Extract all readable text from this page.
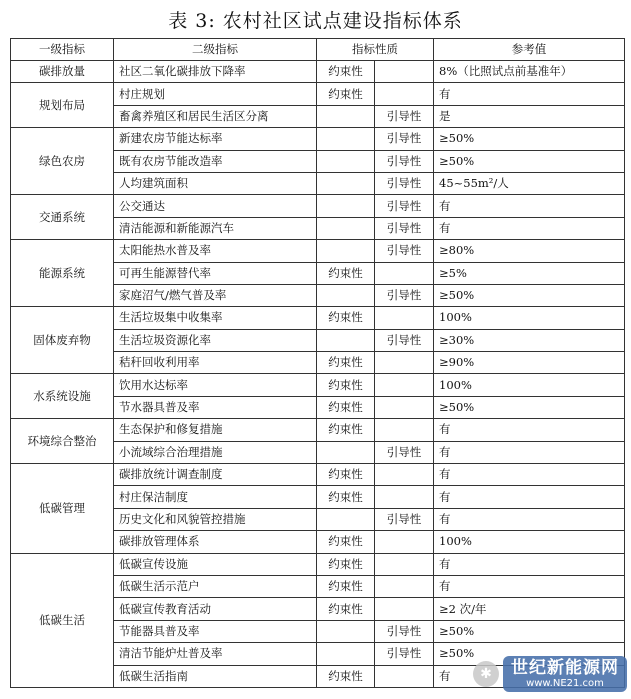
表 3: 农村社区试点建设指标体系
一级指标	二级指标	指标性质		参考值
碳排放量	社区二氧化碳排放下降率	约束性		8%（比照试点前基准年）
规划布局	村庄规划	约束性		有
	畜禽养殖区和居民生活区分离		引导性	是
绿色农房	新建农房节能达标率		引导性	≥50%
	既有农房节能改造率		引导性	≥50%
	人均建筑面积		引导性	45~55m²/人
交通系统	公交通达		引导性	有
	清洁能源和新能源汽车		引导性	有
能源系统	太阳能热水普及率		引导性	≥80%
	可再生能源替代率	约束性		≥5%
	家庭沼气/燃气普及率		引导性	≥50%
固体废弃物	生活垃圾集中收集率	约束性		100%
	生活垃圾资源化率		引导性	≥30%
	秸秆回收利用率	约束性		≥90%
水系统设施	饮用水达标率	约束性		100%
	节水器具普及率	约束性		≥50%
环境综合整治	生态保护和修复措施	约束性		有
	小流域综合治理措施		引导性	有
低碳管理	碳排放统计调查制度	约束性		有
	村庄保洁制度	约束性		有
	历史文化和风貌管控措施		引导性	有
	碳排放管理体系	约束性		100%
低碳生活	低碳宣传设施	约束性		有
	低碳生活示范户	约束性		有
	低碳宣传教育活动	约束性		≥2 次/年
	节能器具普及率		引导性	≥50%
	清洁节能炉灶普及率		引导性	≥50%
	低碳生活指南	约束性		有	✱	世纪新能源网
www.NE21.com
